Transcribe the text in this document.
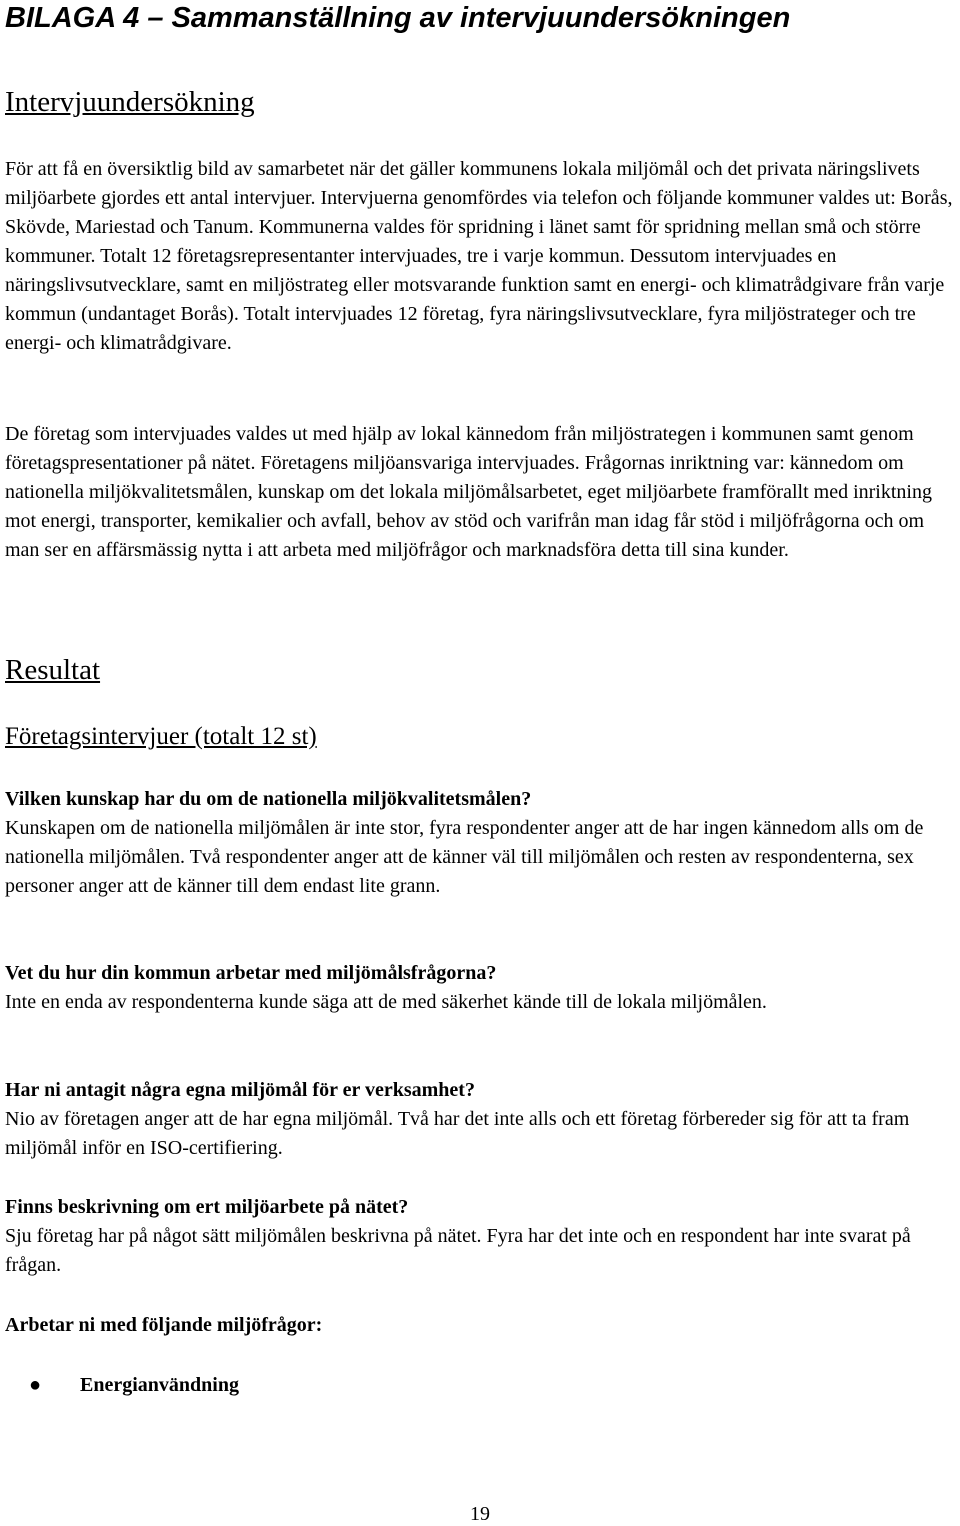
BILAGA 4 – Sammanställning av intervjuundersökningen
Intervjuundersökning

För att få en översiktlig bild av samarbetet när det gäller kommunens lokala miljömål och det privata näringslivets miljöarbete gjordes ett antal intervjuer. Intervjuerna genomfördes via telefon och följande kommuner valdes ut: Borås, Skövde, Mariestad och Tanum. Kommunerna valdes för spridning i länet samt för spridning mellan små och större kommuner. Totalt 12 företagsrepresentanter intervjuades, tre i varje kommun. Dessutom intervjuades en näringslivsutvecklare, samt en miljöstrateg eller motsvarande funktion samt en energi- och klimatrådgivare från varje kommun (undantaget Borås). Totalt intervjuades 12 företag, fyra näringslivsutvecklare, fyra miljöstrateger och tre energi- och klimatrådgivare.

De företag som intervjuades valdes ut med hjälp av lokal kännedom från miljöstrategen i kommunen samt genom företagspresentationer på nätet. Företagens miljöansvariga intervjuades. Frågornas inriktning var: kännedom om nationella miljökvalitetsmålen, kunskap om det lokala miljömålsarbetet, eget miljöarbete framförallt med inriktning mot energi, transporter, kemikalier och avfall, behov av stöd och varifrån man idag får stöd i miljöfrågorna och om man ser en affärsmässig nytta i att arbeta med miljöfrågor och marknadsföra detta till sina kunder.

Resultat
Företagsintervjuer (totalt 12 st)

Vilken kunskap har du om de nationella miljökvalitetsmålen?

Kunskapen om de nationella miljömålen är inte stor, fyra respondenter anger att de har ingen kännedom alls om de nationella miljömålen. Två respondenter anger att de känner väl till miljömålen och resten av respondenterna, sex personer anger att de känner till dem endast lite grann.

Vet du hur din kommun arbetar med miljömålsfrågorna?

Inte en enda av respondenterna kunde säga att de med säkerhet kände till de lokala miljömålen.

Har ni antagit några egna miljömål för er verksamhet?

Nio av företagen anger att de har egna miljömål. Två har det inte alls och ett företag förbereder sig för att ta fram miljömål inför en ISO-certifiering.

Finns beskrivning om ert miljöarbete på nätet?

Sju företag har på något sätt miljömålen beskrivna på nätet. Fyra har det inte och en respondent har inte svarat på frågan.

Arbetar ni med följande miljöfrågor:

● Energianvändning
19
